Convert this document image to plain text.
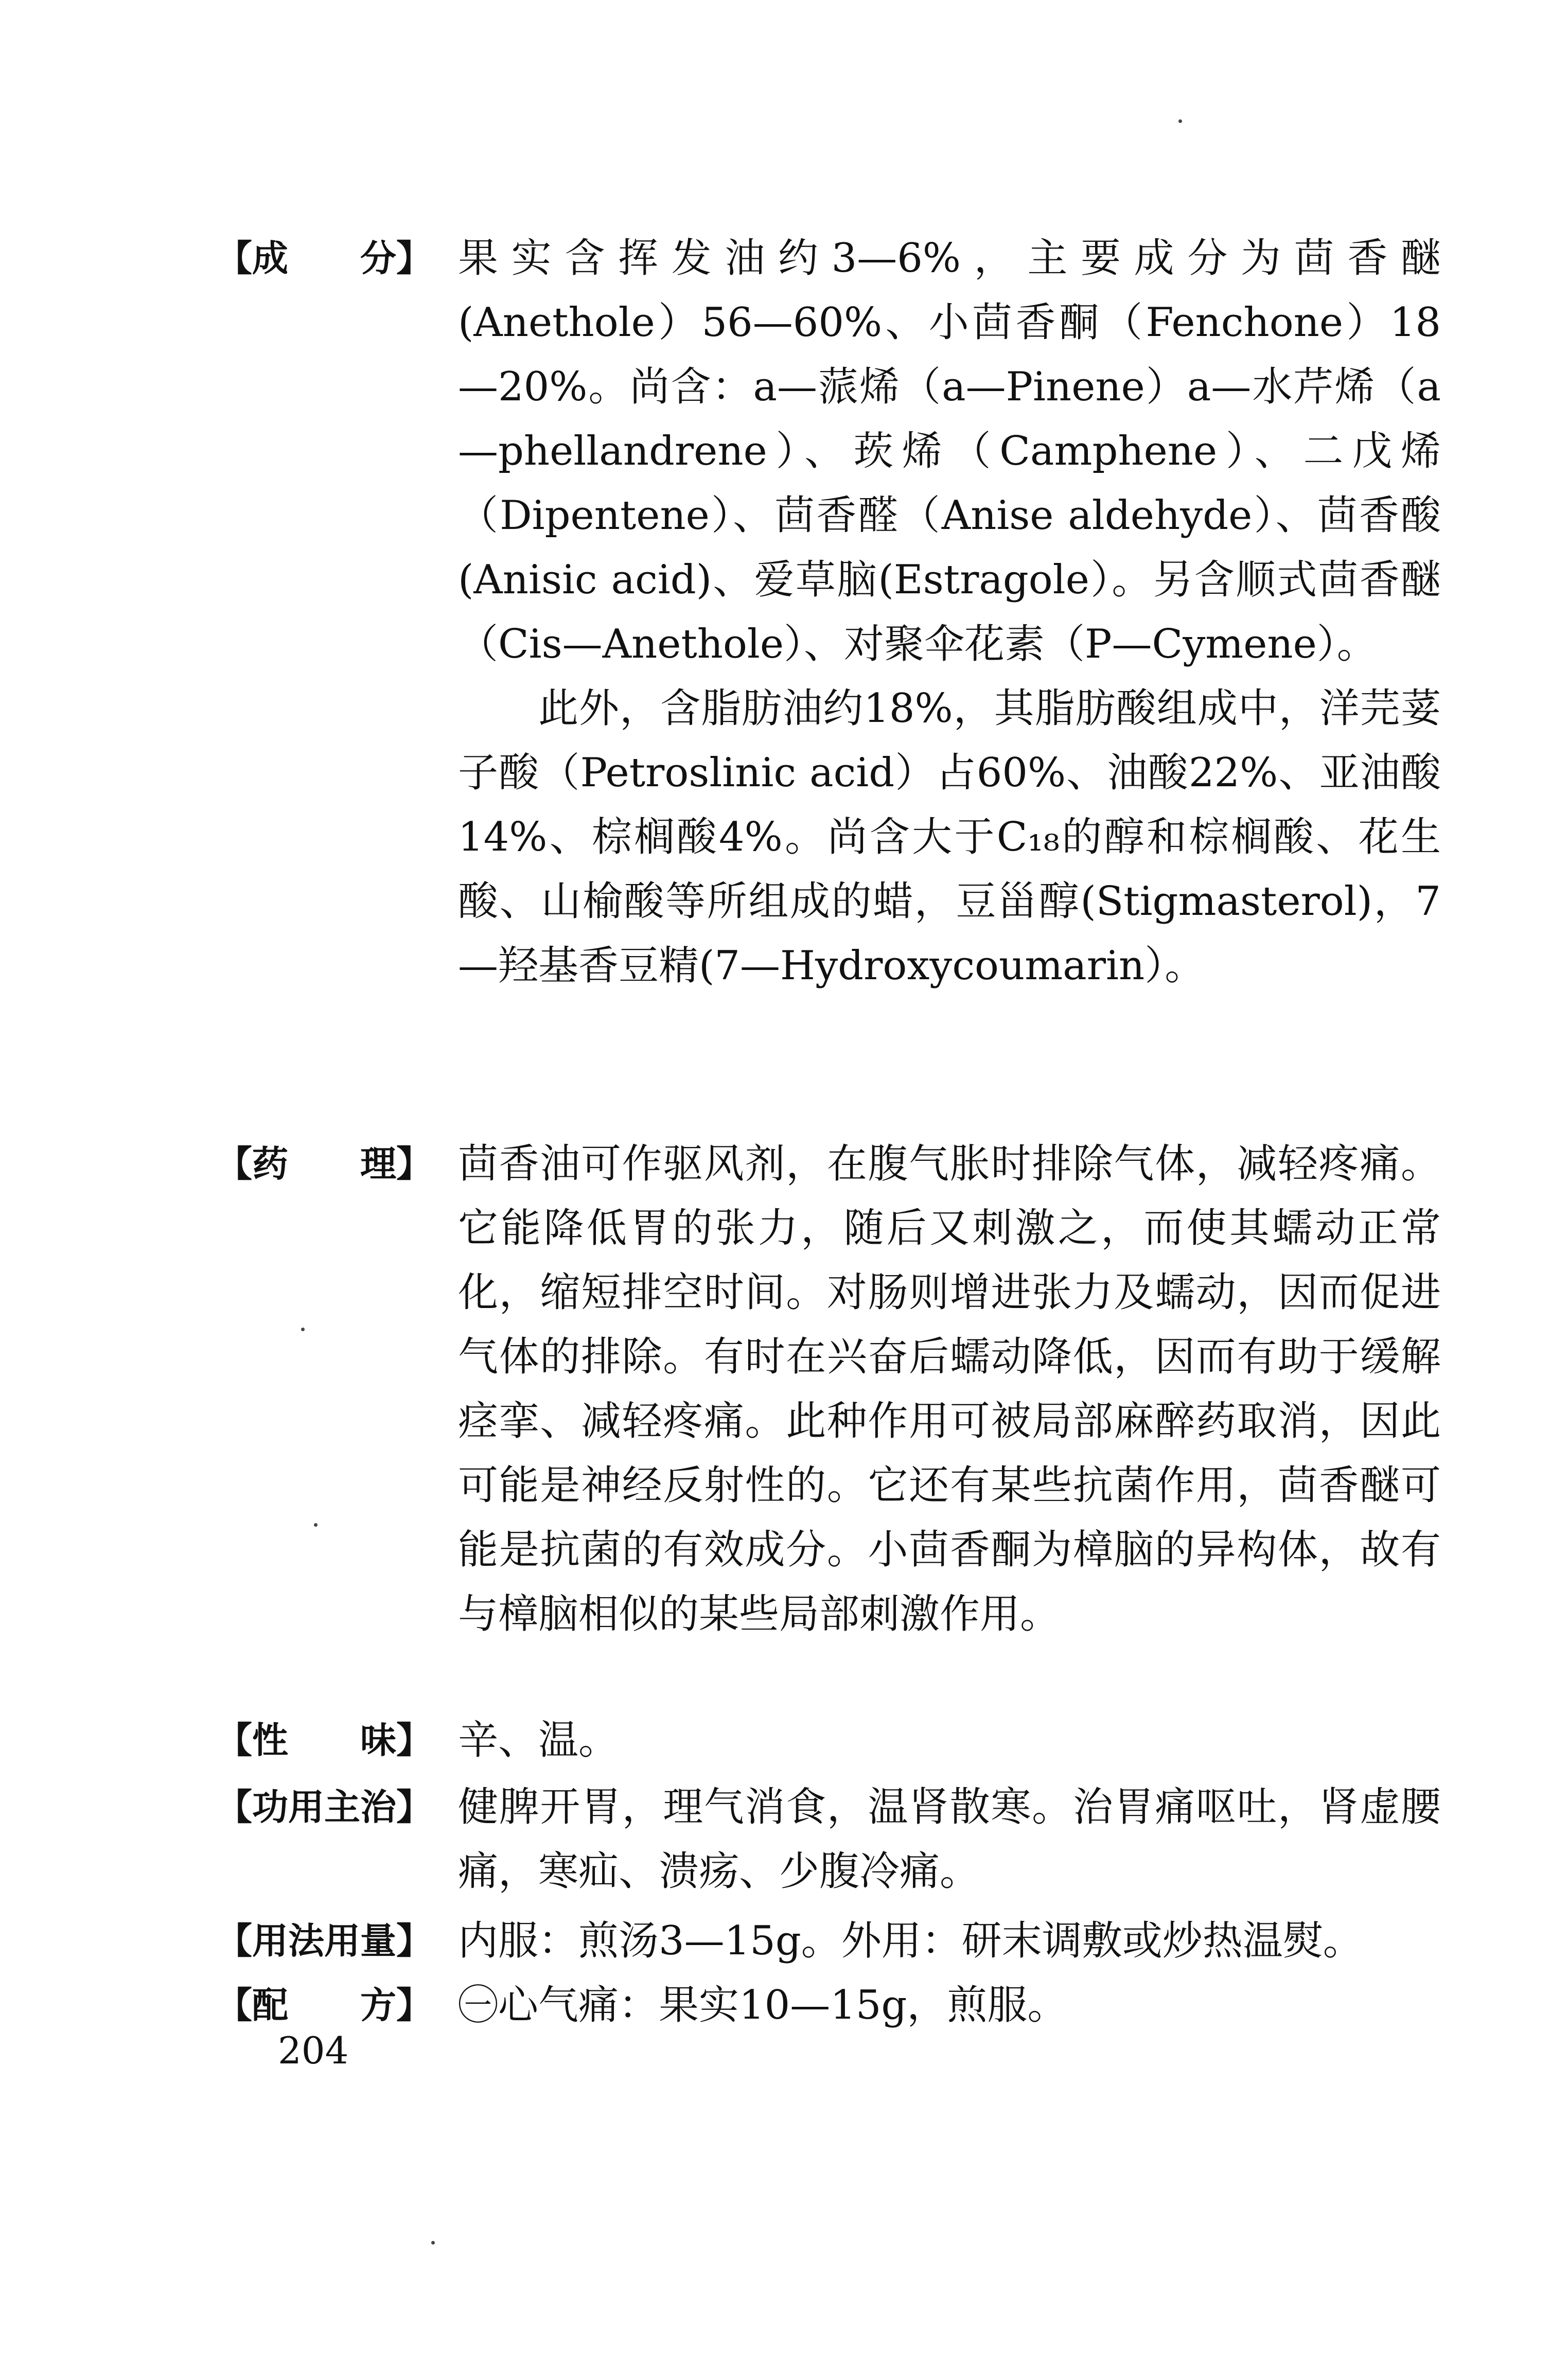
【成　　分】 果实含挥发油约3—6%，主要成分为茴香醚(Anethole）56—60%、小茴香酮（Fenchone）18—20%。尚含：a—蒎烯（a—Pinene）a—水芹烯（a—phellandrene）、莰烯（Camphene）、二戊烯（Dipentene）、茴香醛（Anise aldehyde）、茴香酸(Anisic acid)、爱草脑(Estragole）。另含顺式茴香醚（Cis—Anethole）、对聚伞花素（P—Cymene）。

此外，含脂肪油约18%，其脂肪酸组成中，洋芫荽子酸（Petroslinic acid）占60%、油酸22%、亚油酸14%、棕榈酸4%。尚含大于C₁₈的醇和棕榈酸、花生酸、山榆酸等所组成的蜡，豆甾醇(Stigmasterol)，7—羟基香豆精(7—Hydroxycoumarin）。

【药　　理】 茴香油可作驱风剂，在腹气胀时排除气体，减轻疼痛。它能降低胃的张力，随后又刺激之，而使其蠕动正常化，缩短排空时间。对肠则增进张力及蠕动，因而促进气体的排除。有时在兴奋后蠕动降低，因而有助于缓解痉挛、减轻疼痛。此种作用可被局部麻醉药取消，因此可能是神经反射性的。它还有某些抗菌作用，茴香醚可能是抗菌的有效成分。小茴香酮为樟脑的异构体，故有与樟脑相似的某些局部刺激作用。

【性　　味】 辛、温。

【功用主治】 健脾开胃，理气消食，温肾散寒。治胃痛呕吐，肾虚腰痛，寒疝、溃疡、少腹冷痛。

【用法用量】 内服：煎汤3—15g。外用：研末调敷或炒热温熨。

【配　　方】 ㊀心气痛：果实10—15g，煎服。

204
